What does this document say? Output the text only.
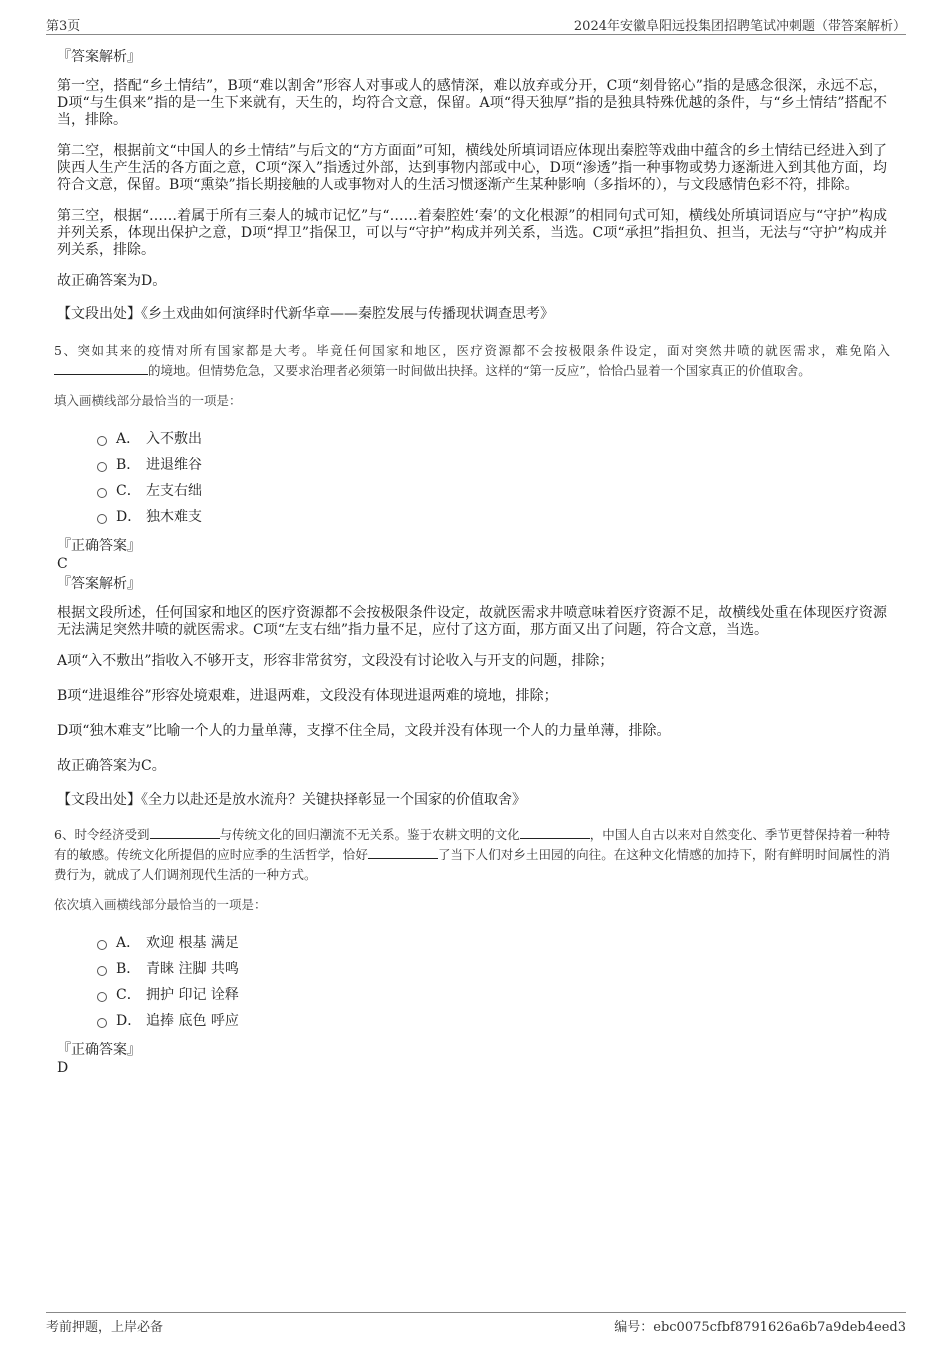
第3页	2024年安徽阜阳远投集团招聘笔试冲刺题（带答案解析）

『答案解析』

第一空，搭配“乡土情结”，B项“难以割舍”形容人对事或人的感情深，难以放弃或分开，C项“刻骨铭心”指的是感念很深，永远不忘，D项“与生俱来”指的是一生下来就有，天生的，均符合文意，保留。A项“得天独厚”指的是独具特殊优越的条件，与“乡土情结”搭配不当，排除。

第二空，根据前文“中国人的乡土情结”与后文的“方方面面”可知，横线处所填词语应体现出秦腔等戏曲中蕴含的乡土情结已经进入到了陕西人生产生活的各方面之意，C项“深入”指透过外部，达到事物内部或中心，D项“渗透”指一种事物或势力逐渐进入到其他方面，均符合文意，保留。B项“熏染”指长期接触的人或事物对人的生活习惯逐渐产生某种影响（多指坏的），与文段感情色彩不符，排除。

第三空，根据“……着属于所有三秦人的城市记忆”与“……着秦腔姓‘秦’的文化根源”的相同句式可知，横线处所填词语应与“守护”构成并列关系，体现出保护之意，D项“捍卫”指保卫，可以与“守护”构成并列关系，当选。C项“承担”指担负、担当，无法与“守护”构成并列关系，排除。

故正确答案为D。

【文段出处】《乡土戏曲如何演绎时代新华章——秦腔发展与传播现状调查思考》

5、突如其来的疫情对所有国家都是大考。毕竟任何国家和地区，医疗资源都不会按极限条件设定，面对突然井喷的就医需求，难免陷入的境地。但情势危急，又要求治理者必须第一时间做出抉择。这样的“第一反应”，恰恰凸显着一个国家真正的价值取舍。

填入画横线部分最恰当的一项是：

A． 入不敷出
B． 进退维谷
C． 左支右绌
D． 独木难支

『正确答案』

C

『答案解析』

根据文段所述，任何国家和地区的医疗资源都不会按极限条件设定，故就医需求井喷意味着医疗资源不足，故横线处重在体现医疗资源无法满足突然井喷的就医需求。C项“左支右绌”指力量不足，应付了这方面，那方面又出了问题，符合文意，当选。

A项“入不敷出”指收入不够开支，形容非常贫穷，文段没有讨论收入与开支的问题，排除；

B项“进退维谷”形容处境艰难，进退两难，文段没有体现进退两难的境地，排除；

D项“独木难支”比喻一个人的力量单薄，支撑不住全局，文段并没有体现一个人的力量单薄，排除。

故正确答案为C。

【文段出处】《全力以赴还是放水流舟？关键抉择彰显一个国家的价值取舍》

6、时令经济受到	与传统文化的回归潮流不无关系。鉴于农耕文明的文化	，中国人自古以来对自然变化、季节更替保持着一种特有的敏感。传统文化所提倡的应时应季的生活哲学，恰好	了当下人们对乡土田园的向往。在这种文化情感的加持下，附有鲜明时间属性的消费行为，就成了人们调剂现代生活的一种方式。

依次填入画横线部分最恰当的一项是：

A． 欢迎 根基 满足
B． 青睐 注脚 共鸣
C． 拥护 印记 诠释
D． 追捧 底色 呼应

『正确答案』

D

考前押题，上岸必备	编号：ebc0075cfbf8791626a6b7a9deb4eed3
